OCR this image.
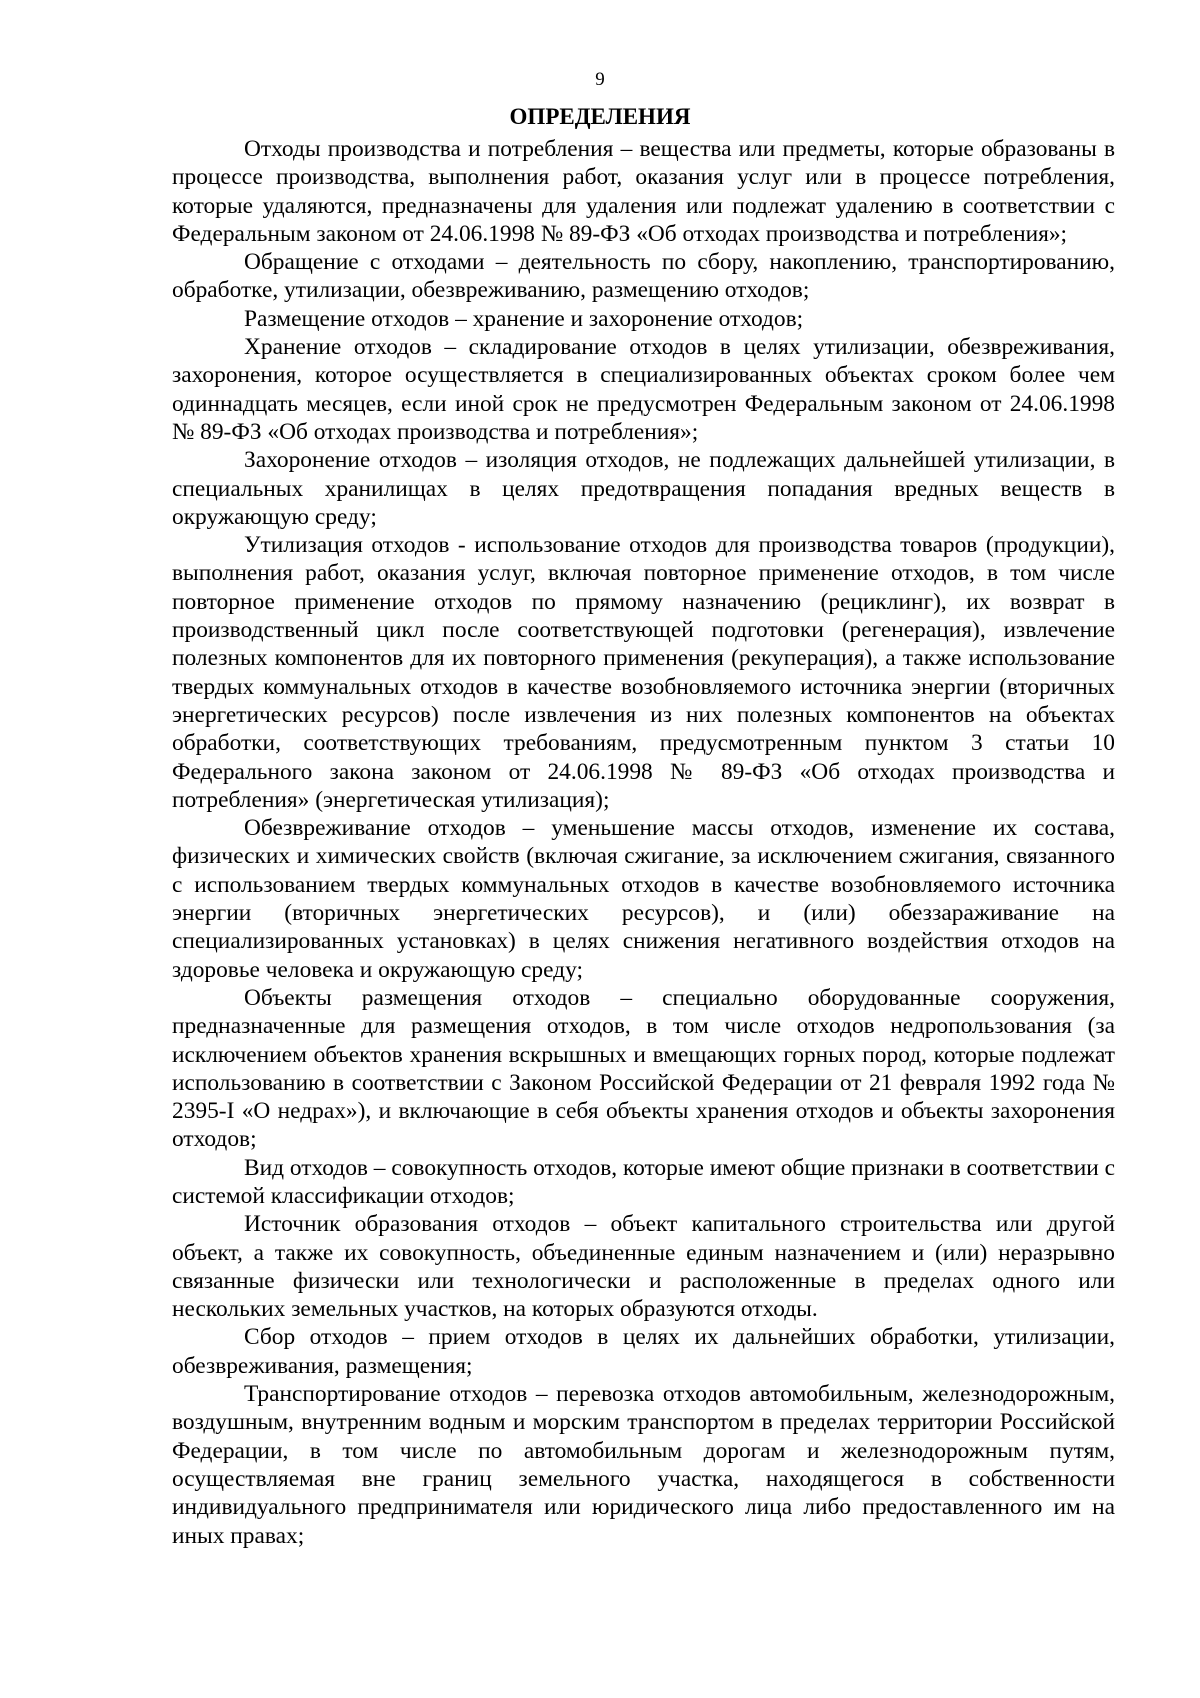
9
ОПРЕДЕЛЕНИЯ

Отходы производства и потребления – вещества или предметы, которые образованы в процессе производства, выполнения работ, оказания услуг или в процессе потребления, которые удаляются, предназначены для удаления или подлежат удалению в соответствии с Федеральным законом от 24.06.1998 № 89-ФЗ «Об отходах производства и потребления»;

Обращение с отходами – деятельность по сбору, накоплению, транспортированию, обработке, утилизации, обезвреживанию, размещению отходов;

Размещение отходов – хранение и захоронение отходов;

Хранение отходов – складирование отходов в целях утилизации, обезвреживания, захоронения, которое осуществляется в специализированных объектах сроком более чем одиннадцать месяцев, если иной срок не предусмотрен Федеральным законом от 24.06.1998 № 89-ФЗ «Об отходах производства и потребления»;

Захоронение отходов – изоляция отходов, не подлежащих дальнейшей утилизации, в специальных хранилищах в целях предотвращения попадания вредных веществ в окружающую среду;

Утилизация отходов - использование отходов для производства товаров (продукции), выполнения работ, оказания услуг, включая повторное применение отходов, в том числе повторное применение отходов по прямому назначению (рециклинг), их возврат в производственный цикл после соответствующей подготовки (регенерация), извлечение полезных компонентов для их повторного применения (рекуперация), а также использование твердых коммунальных отходов в качестве возобновляемого источника энергии (вторичных энергетических ресурсов) после извлечения из них полезных компонентов на объектах обработки, соответствующих требованиям, предусмотренным пунктом 3 статьи 10 Федерального закона законом от 24.06.1998 № 89-ФЗ «Об отходах производства и потребления» (энергетическая утилизация);

Обезвреживание отходов – уменьшение массы отходов, изменение их состава, физических и химических свойств (включая сжигание, за исключением сжигания, связанного с использованием твердых коммунальных отходов в качестве возобновляемого источника энергии (вторичных энергетических ресурсов), и (или) обеззараживание на специализированных установках) в целях снижения негативного воздействия отходов на здоровье человека и окружающую среду;

Объекты размещения отходов – специально оборудованные сооружения, предназначенные для размещения отходов, в том числе отходов недропользования (за исключением объектов хранения вскрышных и вмещающих горных пород, которые подлежат использованию в соответствии с Законом Российской Федерации от 21 февраля 1992 года № 2395-I «О недрах»), и включающие в себя объекты хранения отходов и объекты захоронения отходов;

Вид отходов – совокупность отходов, которые имеют общие признаки в соответствии с системой классификации отходов;

Источник образования отходов – объект капитального строительства или другой объект, а также их совокупность, объединенные единым назначением и (или) неразрывно связанные физически или технологически и расположенные в пределах одного или нескольких земельных участков, на которых образуются отходы.

Сбор отходов – прием отходов в целях их дальнейших обработки, утилизации, обезвреживания, размещения;

Транспортирование отходов – перевозка отходов автомобильным, железнодорожным, воздушным, внутренним водным и морским транспортом в пределах территории Российской Федерации, в том числе по автомобильным дорогам и железнодорожным путям, осуществляемая вне границ земельного участка, находящегося в собственности индивидуального предпринимателя или юридического лица либо предоставленного им на иных правах;
